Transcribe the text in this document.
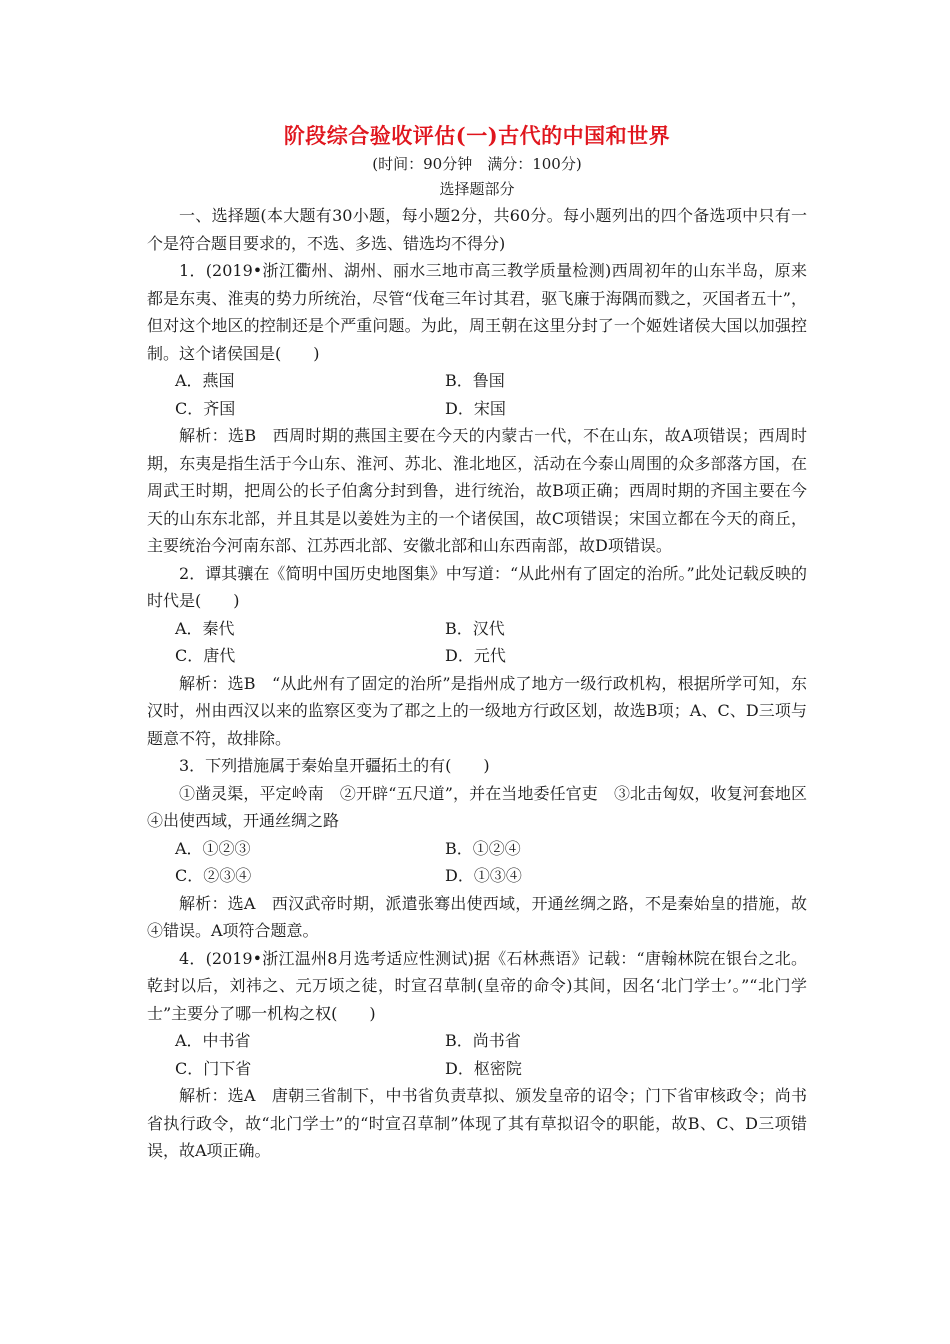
阶段综合验收评估(一)古代的中国和世界

(时间：90分钟　满分：100分)

选择题部分

一、选择题(本大题有30小题，每小题2分，共60分。每小题列出的四个备选项中只有一个是符合题目要求的，不选、多选、错选均不得分)

1．(2019•浙江衢州、湖州、丽水三地市高三教学质量检测)西周初年的山东半岛，原来都是东夷、淮夷的势力所统治，尽管“伐奄三年讨其君，驱飞廉于海隅而戮之，灭国者五十”，但对这个地区的控制还是个严重问题。为此，周王朝在这里分封了一个姬姓诸侯大国以加强控制。这个诸侯国是(　　)

A．燕国	B．鲁国
C．齐国	D．宋国

解析：选B　西周时期的燕国主要在今天的内蒙古一代，不在山东，故A项错误；西周时期，东夷是指生活于今山东、淮河、苏北、淮北地区，活动在今泰山周围的众多部落方国，在周武王时期，把周公的长子伯禽分封到鲁，进行统治，故B项正确；西周时期的齐国主要在今天的山东东北部，并且其是以姜姓为主的一个诸侯国，故C项错误；宋国立都在今天的商丘，主要统治今河南东部、江苏西北部、安徽北部和山东西南部，故D项错误。

2．谭其骧在《简明中国历史地图集》中写道：“从此州有了固定的治所。”此处记载反映的时代是(　　)

A．秦代	B．汉代
C．唐代	D．元代

解析：选B　“从此州有了固定的治所”是指州成了地方一级行政机构，根据所学可知，东汉时，州由西汉以来的监察区变为了郡之上的一级地方行政区划，故选B项；A、C、D三项与题意不符，故排除。

3．下列措施属于秦始皇开疆拓土的有(　　)

①凿灵渠，平定岭南　②开辟“五尺道”，并在当地委任官吏　③北击匈奴，收复河套地区　④出使西域，开通丝绸之路

A．①②③	B．①②④
C．②③④	D．①③④

解析：选A　西汉武帝时期，派遣张骞出使西域，开通丝绸之路，不是秦始皇的措施，故④错误。A项符合题意。

4．(2019•浙江温州8月选考适应性测试)据《石林燕语》记载：“唐翰林院在银台之北。乾封以后，刘祎之、元万顷之徒，时宣召草制(皇帝的命令)其间，因名‘北门学士’。”“北门学士”主要分了哪一机构之权(　　)

A．中书省	B．尚书省
C．门下省	D．枢密院

解析：选A　唐朝三省制下，中书省负责草拟、颁发皇帝的诏令；门下省审核政令；尚书省执行政令，故“北门学士”的“时宣召草制”体现了其有草拟诏令的职能，故B、C、D三项错误，故A项正确。
